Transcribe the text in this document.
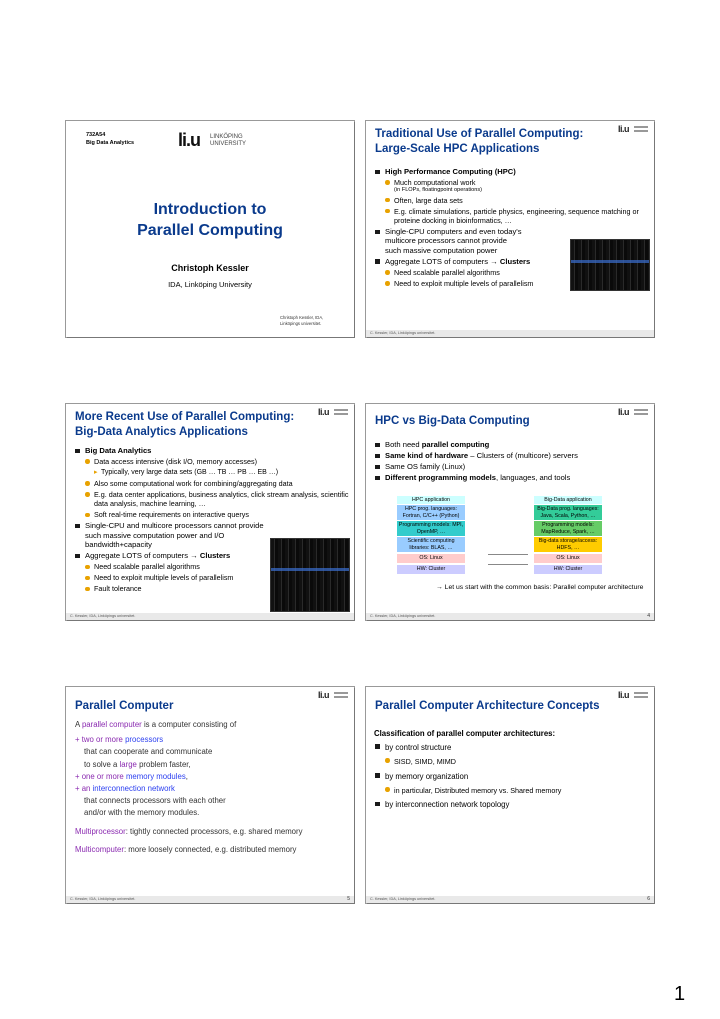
732A54
Big Data Analytics li.u LINKÖPING
UNIVERSITY
Introduction to
Parallel Computing
Christoph Kessler
IDA, Linköping University
Christoph Kessler, IDA,
Linköpings universitet.
Traditional Use of Parallel Computing: Large-Scale HPC Applications
li.u
High Performance Computing (HPC)
Much computational work
(in FLOPs, floatingpoint operations)
Often, large data sets
E.g. climate simulations, particle physics, engineering, sequence matching or proteine docking in bioinformatics, …
Single-CPU computers and even today's multicore processors cannot provide such massive computation power
Aggregate LOTS of computers → Clusters
Need scalable parallel algorithms
Need to exploit multiple levels of parallelism
C. Kessler, IDA, Linköpings universitet.
More Recent Use of Parallel Computing: Big-Data Analytics Applications
li.u
Big Data Analytics
Data access intensive (disk I/O, memory accesses)
▸ Typically, very large data sets (GB … TB … PB … EB …)
Also some computational work for combining/aggregating data
E.g. data center applications, business analytics, click stream analysis, scientific data analysis, machine learning, …
Soft real-time requirements on interactive querys
Single-CPU and multicore processors cannot provide such massive computation power and I/O bandwidth+capacity
Aggregate LOTS of computers → Clusters
Need scalable parallel algorithms
Need to exploit multiple levels of parallelism
Fault tolerance
C. Kessler, IDA, Linköpings universitet.
HPC vs Big-Data Computing
li.u
Both need parallel computing
Same kind of hardware – Clusters of (multicore) servers
Same OS family (Linux)
Different programming models, languages, and tools
HPC application
HPC prog. languages: Fortran, C/C++ (Python)
Programming models: MPI, OpenMP, …
Scientific computing libraries: BLAS, …
OS: Linux
HW: Cluster
Big-Data application
Big-Data prog. languages: Java, Scala, Python, …
Programming models: MapReduce, Spark, …
Big-data storage/access: HDFS, …
OS: Linux
HW: Cluster
→ Let us start with the common basis: Parallel computer architecture
C. Kessler, IDA, Linköpings universitet.	4
Parallel Computer
li.u
A parallel computer is a computer consisting of
+ two or more processors
that can cooperate and communicate
to solve a large problem faster,
+ one or more memory modules,
+ an interconnection network
that connects processors with each other
and/or with the memory modules.
Multiprocessor: tightly connected processors, e.g. shared memory
Multicomputer: more loosely connected, e.g. distributed memory
C. Kessler, IDA, Linköpings universitet.	5
Parallel Computer Architecture Concepts
li.u
Classification of parallel computer architectures:
by control structure
SISD, SIMD, MIMD
by memory organization
in particular, Distributed memory vs. Shared memory
by interconnection network topology
C. Kessler, IDA, Linköpings universitet.	6
1
